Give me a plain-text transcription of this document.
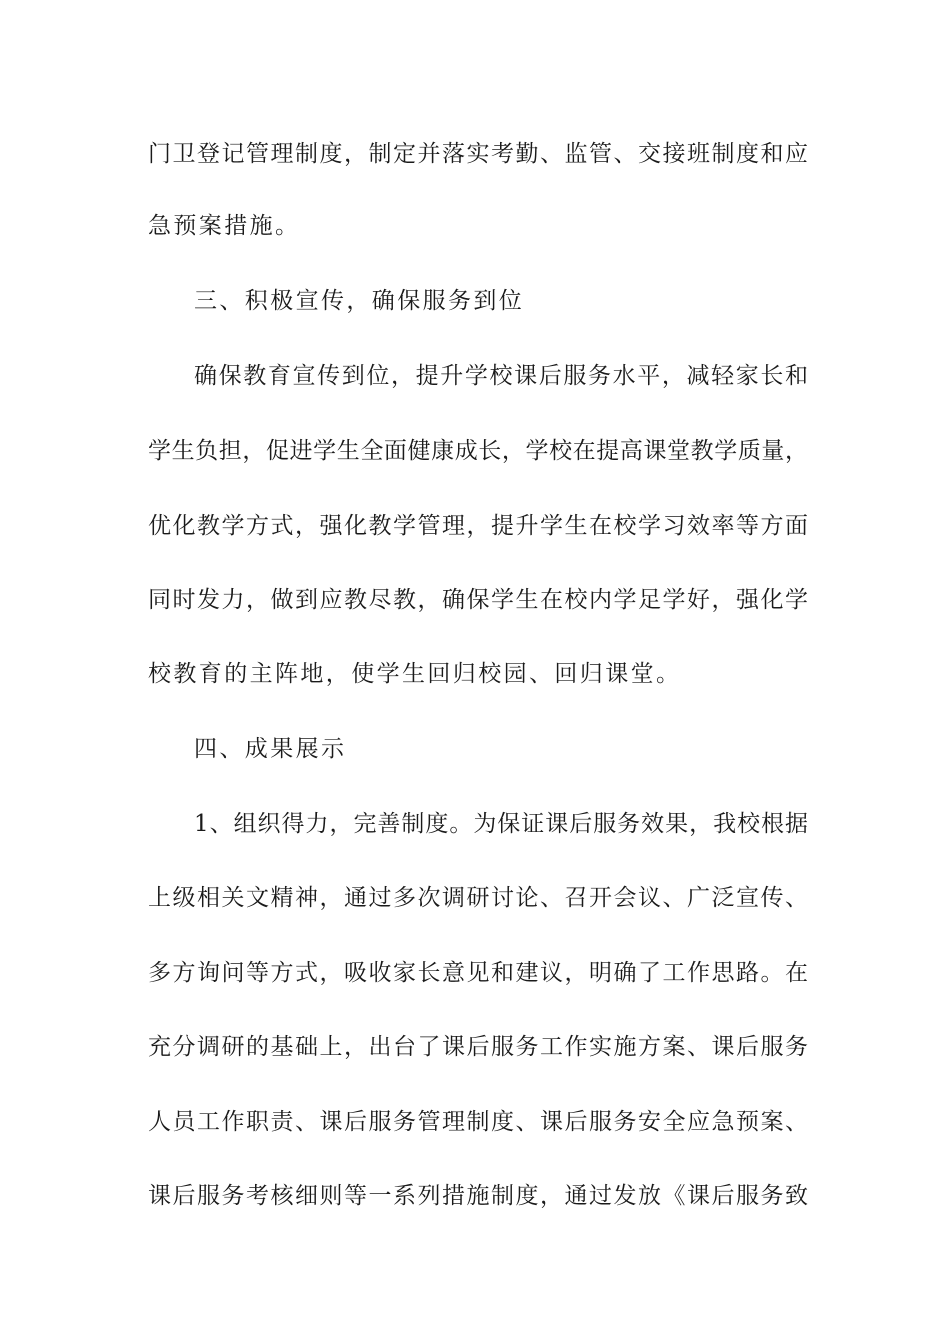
门卫登记管理制度，制定并落实考勤、监管、交接班制度和应
急预案措施。
三、积极宣传，确保服务到位
确保教育宣传到位，提升学校课后服务水平，减轻家长和
学生负担，促进学生全面健康成长，学校在提高课堂教学质量，
优化教学方式，强化教学管理，提升学生在校学习效率等方面
同时发力，做到应教尽教，确保学生在校内学足学好，强化学
校教育的主阵地，使学生回归校园、回归课堂。
四、成果展示
1、组织得力，完善制度。为保证课后服务效果，我校根据
上级相关文精神，通过多次调研讨论、召开会议、广泛宣传、
多方询问等方式，吸收家长意见和建议，明确了工作思路。在
充分调研的基础上，出台了课后服务工作实施方案、课后服务
人员工作职责、课后服务管理制度、课后服务安全应急预案、
课后服务考核细则等一系列措施制度，通过发放《课后服务致
